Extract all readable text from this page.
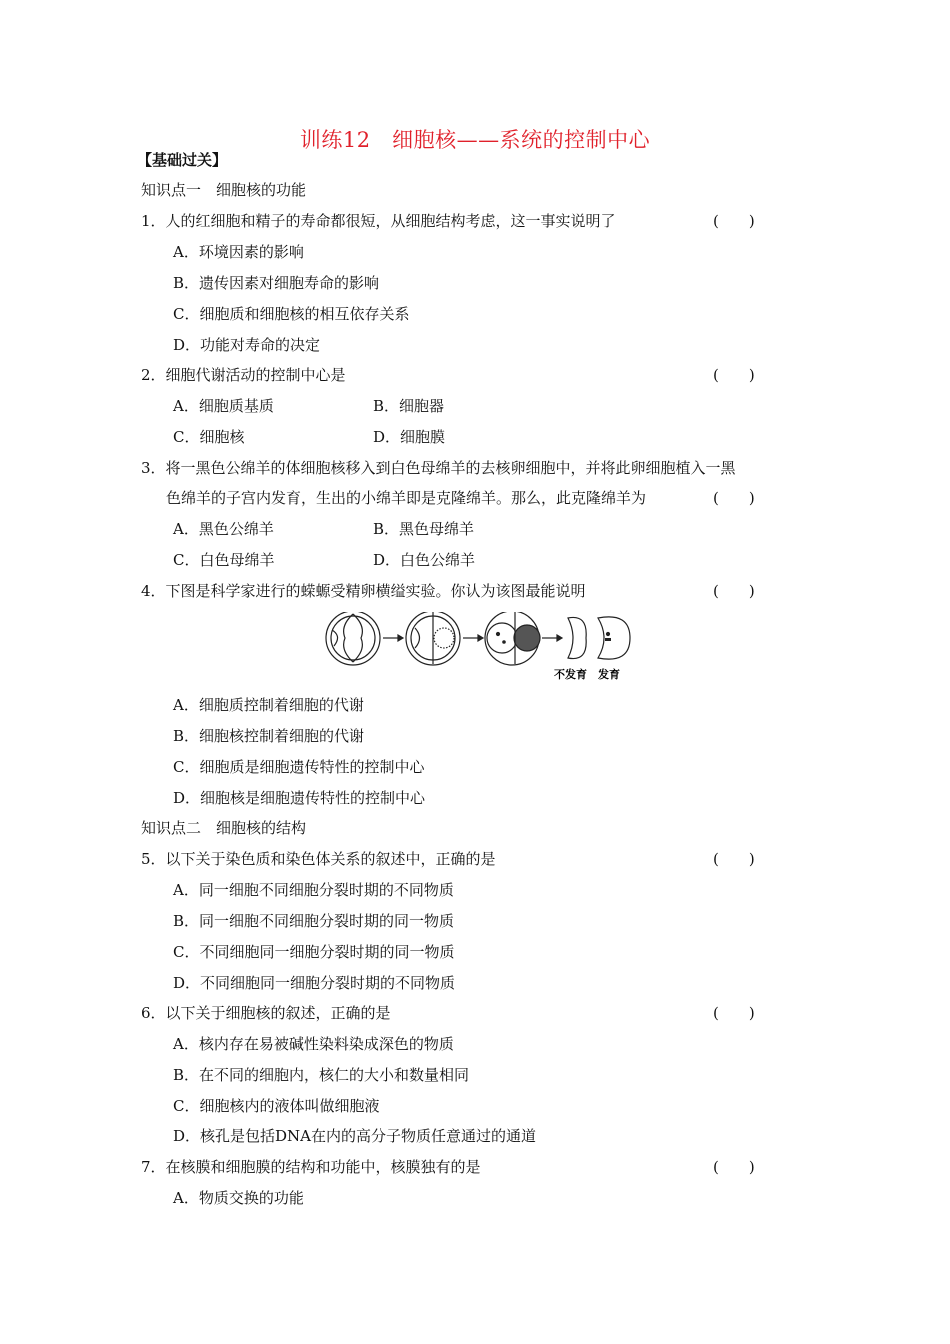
训练12　细胞核——系统的控制中心
【基础过关】
知识点一　细胞核的功能
1．人的红细胞和精子的寿命都很短，从细胞结构考虑，这一事实说明了	(　　)
A．环境因素的影响
B．遗传因素对细胞寿命的影响
C．细胞质和细胞核的相互依存关系
D．功能对寿命的决定
2．细胞代谢活动的控制中心是	(　　)
A．细胞质基质	B．细胞器
C．细胞核	D．细胞膜
3．将一黑色公绵羊的体细胞核移入到白色母绵羊的去核卵细胞中，并将此卵细胞植入一黑
色绵羊的子宫内发育，生出的小绵羊即是克隆绵羊。那么，此克隆绵羊为	(　　)
A．黑色公绵羊	B．黑色母绵羊
C．白色母绵羊	D．白色公绵羊
4．下图是科学家进行的蝾螈受精卵横缢实验。你认为该图最能说明	(　　)
不发育 发育
A．细胞质控制着细胞的代谢
B．细胞核控制着细胞的代谢
C．细胞质是细胞遗传特性的控制中心
D．细胞核是细胞遗传特性的控制中心
知识点二　细胞核的结构
5．以下关于染色质和染色体关系的叙述中，正确的是	(　　)
A．同一细胞不同细胞分裂时期的不同物质
B．同一细胞不同细胞分裂时期的同一物质
C．不同细胞同一细胞分裂时期的同一物质
D．不同细胞同一细胞分裂时期的不同物质
6．以下关于细胞核的叙述，正确的是	(　　)
A．核内存在易被碱性染料染成深色的物质
B．在不同的细胞内，核仁的大小和数量相同
C．细胞核内的液体叫做细胞液
D．核孔是包括DNA在内的高分子物质任意通过的通道
7．在核膜和细胞膜的结构和功能中，核膜独有的是	(　　)
A．物质交换的功能
